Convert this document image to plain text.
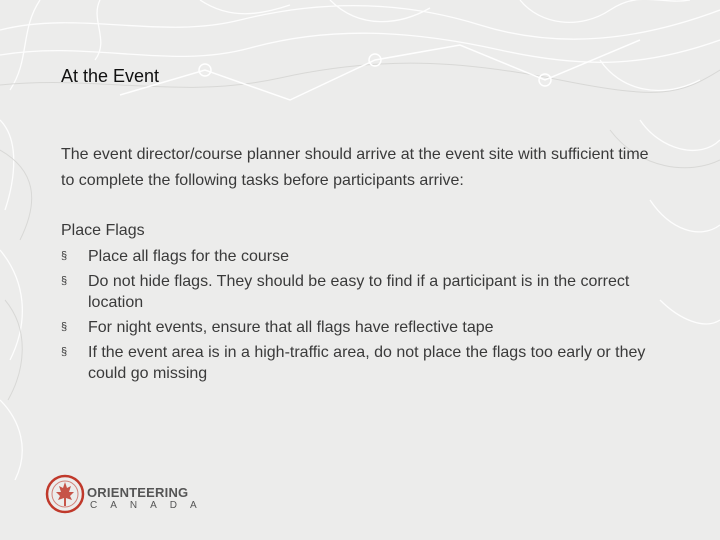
At the Event
The event director/course planner should arrive at the event site with sufficient time to complete the following tasks before participants arrive:
Place Flags
§ Place all flags for the course
§ Do not hide flags. They should be easy to find if a participant is in the correct location
§ For night events, ensure that all flags have reflective tape
§ If the event area is in a high-traffic area, do not place the flags too early or they could go missing
ORIENTEERING
CANADA
